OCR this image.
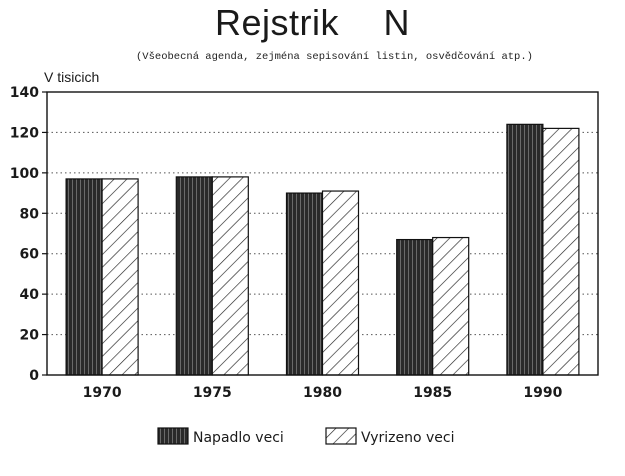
Rejstrik N
(Všeobecná agenda, zejména sepisování listin, osvědčování atp.)
V tisicich
0
20
40
60
80
100
120
140
1970	1975	1980	1985	1990
Napadlo veci	Vyrizeno veci
